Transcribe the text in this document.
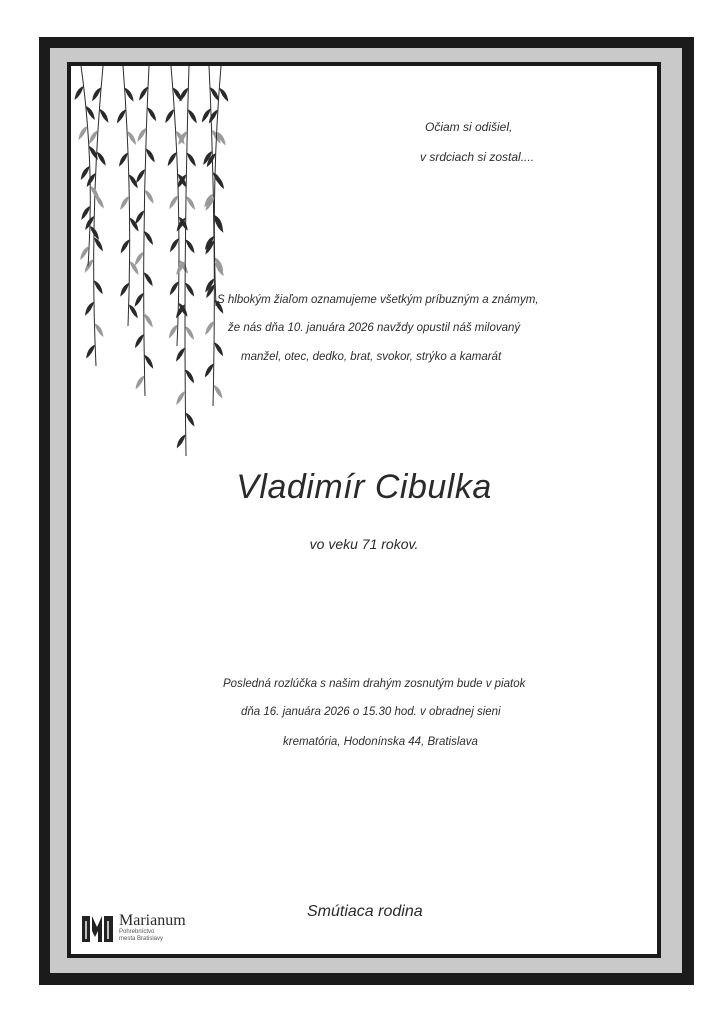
Očiam si odišiel,
v srdciach si zostal....
S hlbokým žiaľom oznamujeme všetkým príbuzným a známym,
že nás dňa 10. januára 2026 navždy opustil náš milovaný
manžel, otec, dedko, brat, svokor, strýko a kamarát
Vladimír Cibulka
vo veku 71 rokov.
Posledná rozlúčka s našim drahým zosnutým bude v piatok
dňa 16. januára 2026 o 15.30 hod. v obradnej sieni
krematória, Hodonínska 44, Bratislava
Smútiaca rodina
Marianum
Pohrebníctvo
mesta Bratislavy
